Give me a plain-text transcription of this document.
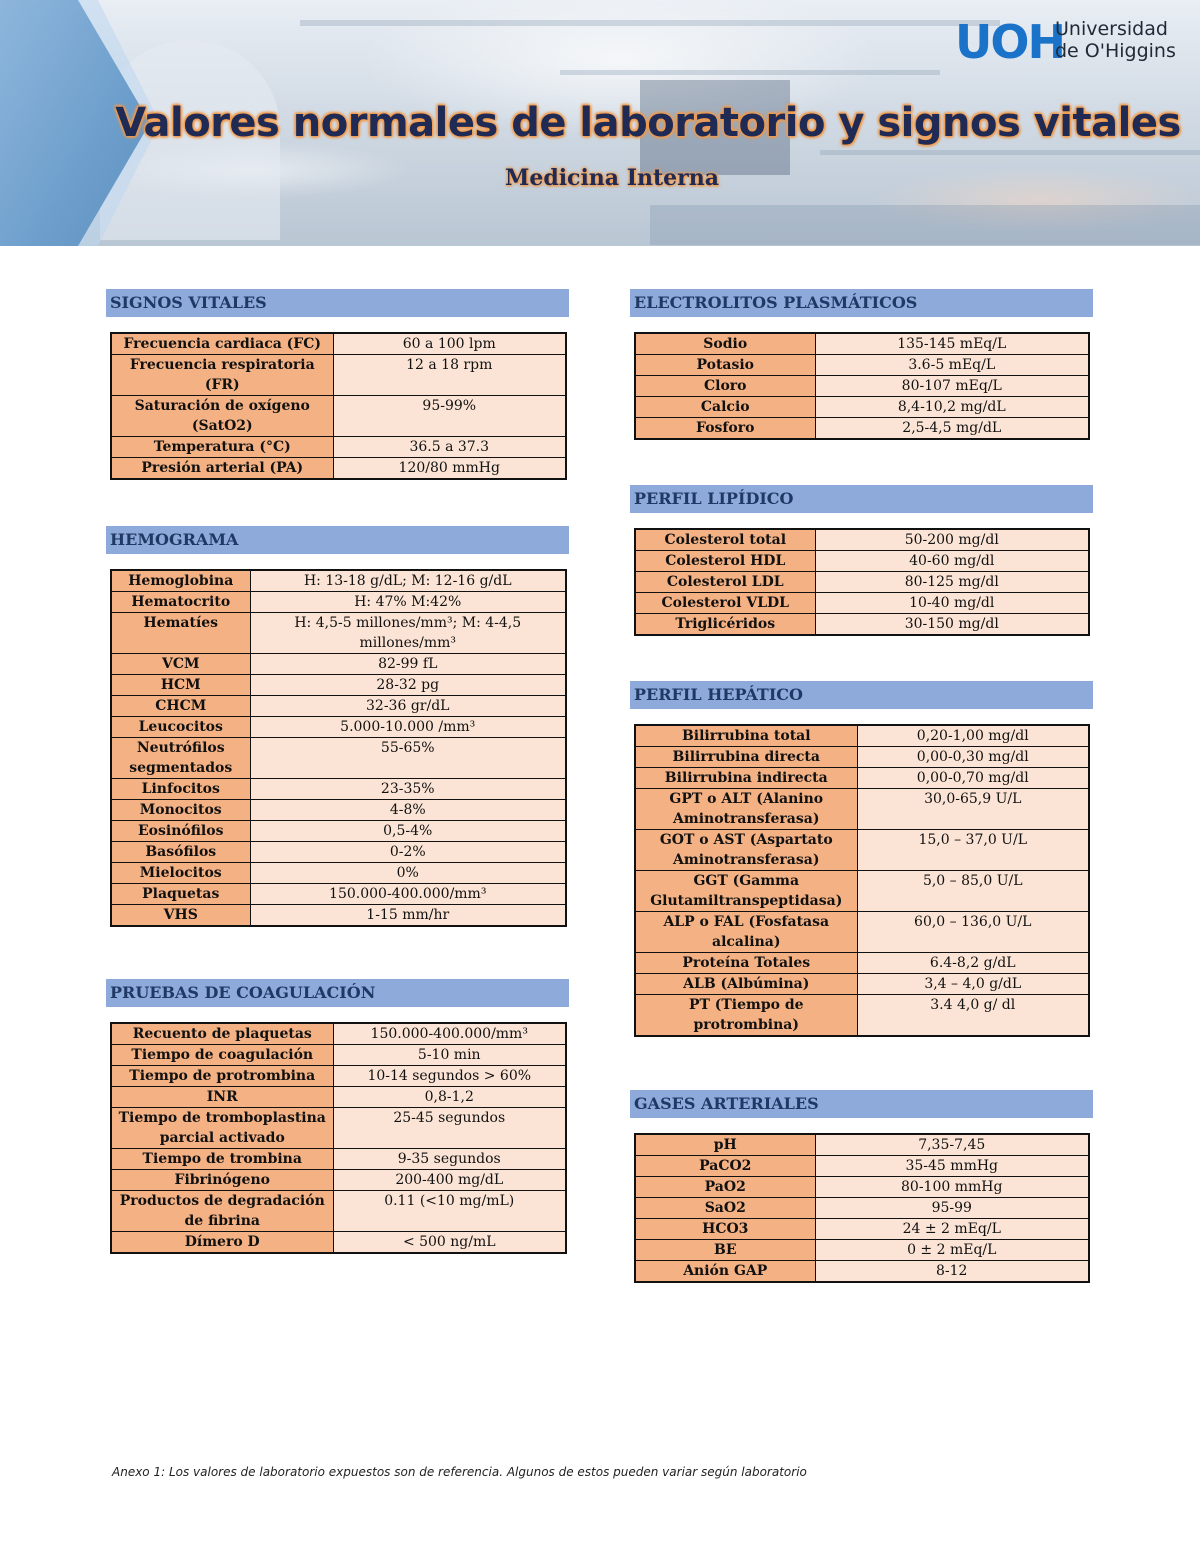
UOH
Universidad
de O'Higgins
Valores normales de laboratorio y signos vitales
Medicina Interna
SIGNOS VITALES
Frecuencia cardiaca (FC)	60 a 100 lpm
Frecuencia respiratoria (FR)	12 a 18 rpm
Saturación de oxígeno (SatO2)	95-99%
Temperatura (°C)	36.5 a 37.3
Presión arterial (PA)	120/80 mmHg
HEMOGRAMA
Hemoglobina	H: 13-18 g/dL; M: 12-16 g/dL
Hematocrito	H: 47% M:42%
Hematíes	H: 4,5-5 millones/mm³; M: 4-4,5 millones/mm³
VCM	82-99 fL
HCM	28-32 pg
CHCM	32-36 gr/dL
Leucocitos	5.000-10.000 /mm³
Neutrófilos segmentados	55-65%
Linfocitos	23-35%
Monocitos	4-8%
Eosinófilos	0,5-4%
Basófilos	0-2%
Mielocitos	0%
Plaquetas	150.000-400.000/mm³
VHS	1-15 mm/hr
PRUEBAS DE COAGULACIÓN
Recuento de plaquetas	150.000-400.000/mm³
Tiempo de coagulación	5-10 min
Tiempo de protrombina	10-14 segundos > 60%
INR	0,8-1,2
Tiempo de tromboplastina parcial activado	25-45 segundos
Tiempo de trombina	9-35 segundos
Fibrinógeno	200-400 mg/dL
Productos de degradación de fibrina	0.11 (<10 mg/mL)
Dímero D	< 500 ng/mL
ELECTROLITOS PLASMÁTICOS
Sodio	135-145 mEq/L
Potasio	3.6-5 mEq/L
Cloro	80-107 mEq/L
Calcio	8,4-10,2 mg/dL
Fosforo	2,5-4,5 mg/dL
PERFIL LIPÍDICO
Colesterol total	50-200 mg/dl
Colesterol HDL	40-60 mg/dl
Colesterol LDL	80-125 mg/dl
Colesterol VLDL	10-40 mg/dl
Triglicéridos	30-150 mg/dl
PERFIL HEPÁTICO
Bilirrubina total	0,20-1,00 mg/dl
Bilirrubina directa	0,00-0,30 mg/dl
Bilirrubina indirecta	0,00-0,70 mg/dl
GPT o ALT (Alanino Aminotransferasa)	30,0-65,9 U/L
GOT o AST (Aspartato Aminotransferasa)	15,0 – 37,0 U/L
GGT (Gamma Glutamiltranspeptidasa)	5,0 – 85,0 U/L
ALP o FAL (Fosfatasa alcalina)	60,0 – 136,0 U/L
Proteína Totales	6.4-8,2 g/dL
ALB (Albúmina)	3,4 – 4,0 g/dL
PT (Tiempo de protrombina)	3.4 4,0 g/ dl
GASES ARTERIALES
pH	7,35-7,45
PaCO2	35-45 mmHg
PaO2	80-100 mmHg
SaO2	95-99
HCO3	24 ± 2 mEq/L
BE	0 ± 2 mEq/L
Anión GAP	8-12
Anexo 1: Los valores de laboratorio expuestos son de referencia. Algunos de estos pueden variar según laboratorio
